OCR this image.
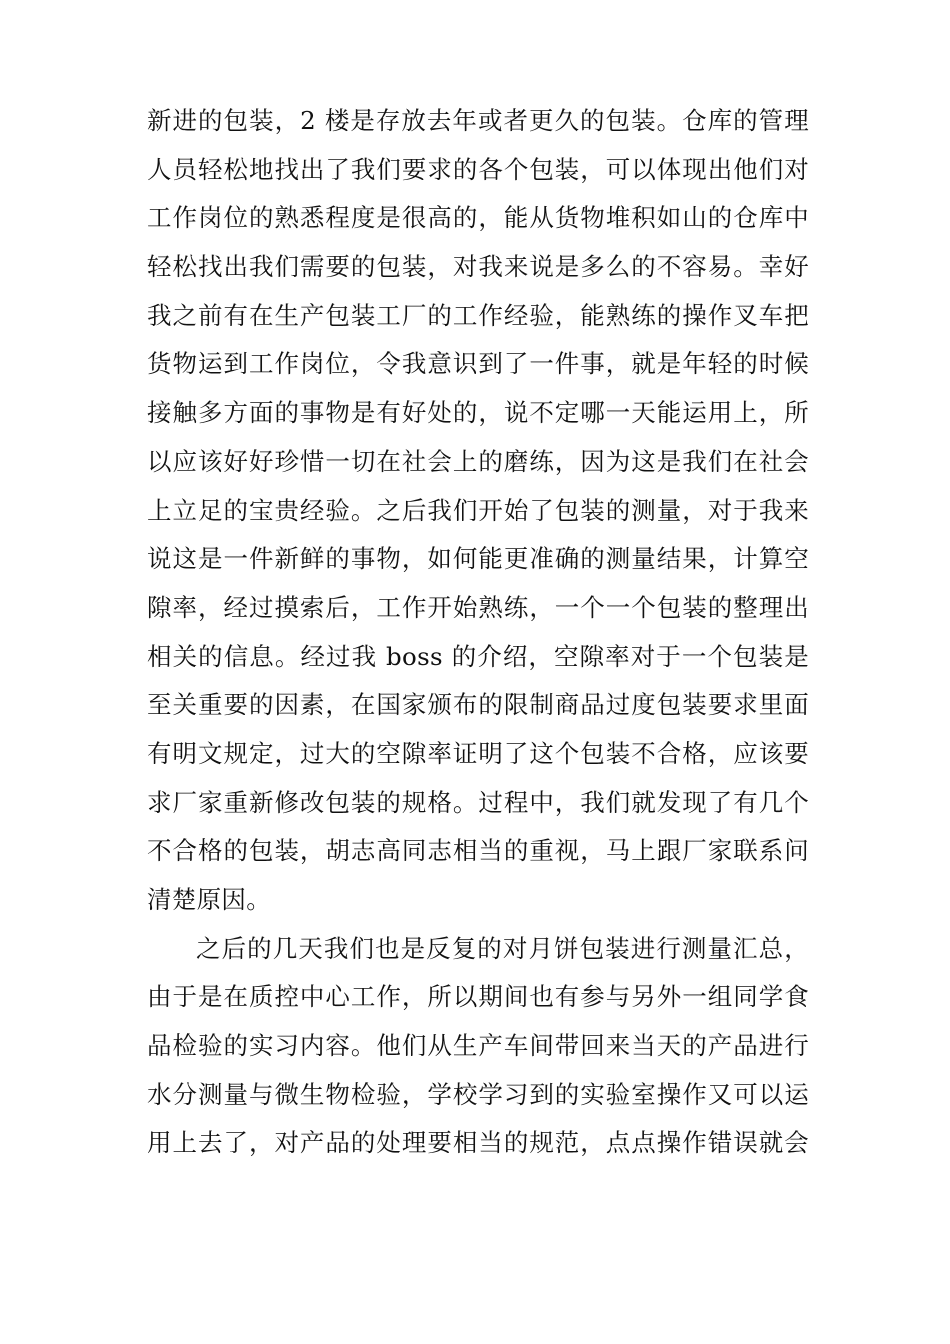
新进的包装，2 楼是存放去年或者更久的包装。仓库的管理
人员轻松地找出了我们要求的各个包装，可以体现出他们对
工作岗位的熟悉程度是很高的，能从货物堆积如山的仓库中
轻松找出我们需要的包装，对我来说是多么的不容易。幸好
我之前有在生产包装工厂的工作经验，能熟练的操作叉车把
货物运到工作岗位，令我意识到了一件事，就是年轻的时候
接触多方面的事物是有好处的，说不定哪一天能运用上，所
以应该好好珍惜一切在社会上的磨练，因为这是我们在社会
上立足的宝贵经验。之后我们开始了包装的测量，对于我来
说这是一件新鲜的事物，如何能更准确的测量结果，计算空
隙率，经过摸索后，工作开始熟练，一个一个包装的整理出
相关的信息。经过我 boss 的介绍，空隙率对于一个包装是
至关重要的因素，在国家颁布的限制商品过度包装要求里面
有明文规定，过大的空隙率证明了这个包装不合格，应该要
求厂家重新修改包装的规格。过程中，我们就发现了有几个
不合格的包装，胡志高同志相当的重视，马上跟厂家联系问
清楚原因。
之后的几天我们也是反复的对月饼包装进行测量汇总，
由于是在质控中心工作，所以期间也有参与另外一组同学食
品检验的实习内容。他们从生产车间带回来当天的产品进行
水分测量与微生物检验，学校学习到的实验室操作又可以运
用上去了，对产品的处理要相当的规范，点点操作错误就会
